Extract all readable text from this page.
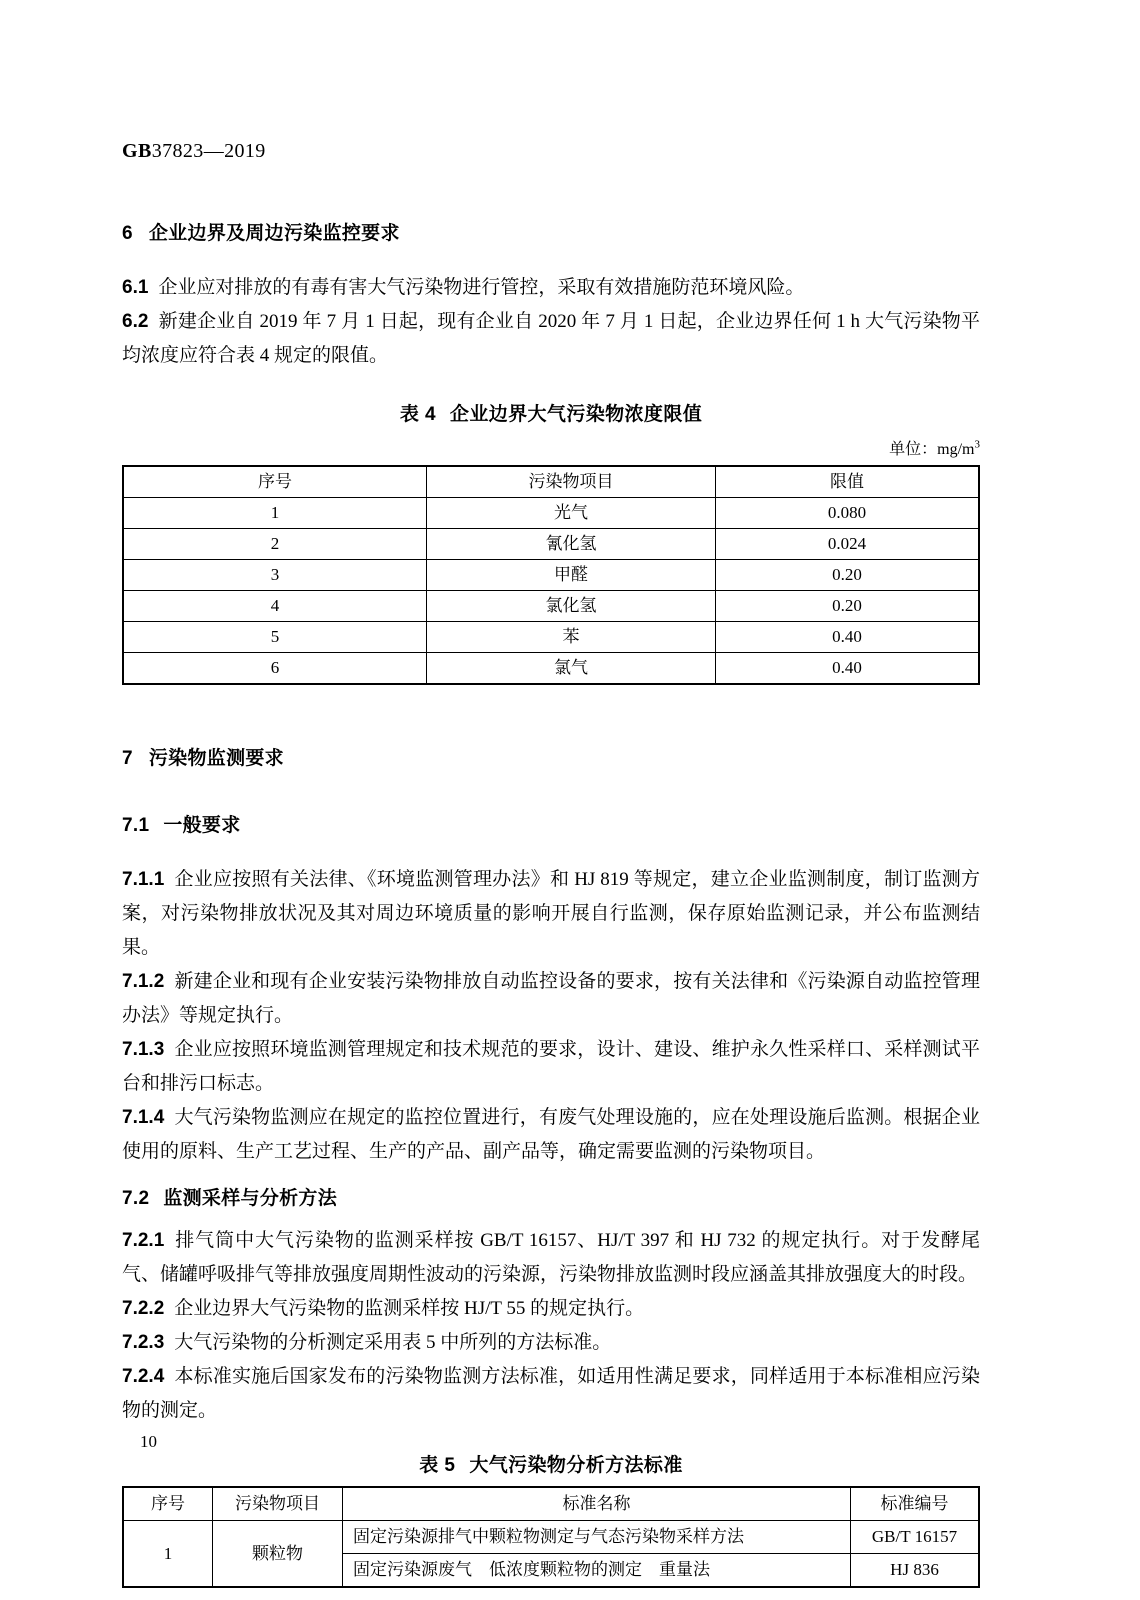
GB37823—2019
6 企业边界及周边污染监控要求
6.1 企业应对排放的有毒有害大气污染物进行管控，采取有效措施防范环境风险。
6.2 新建企业自 2019 年 7 月 1 日起，现有企业自 2020 年 7 月 1 日起，企业边界任何 1 h 大气污染物平均浓度应符合表 4 规定的限值。
表 4 企业边界大气污染物浓度限值
单位：$mg/m^3$
序号	污染物项目	限值
1	光气	0.080
2	氰化氢	0.024
3	甲醛	0.20
4	氯化氢	0.20
5	苯	0.40
6	氯气	0.40
7 污染物监测要求
7.1 一般要求
7.1.1 企业应按照有关法律、《环境监测管理办法》和 HJ 819 等规定，建立企业监测制度，制订监测方案，对污染物排放状况及其对周边环境质量的影响开展自行监测，保存原始监测记录，并公布监测结果。
7.1.2 新建企业和现有企业安装污染物排放自动监控设备的要求，按有关法律和《污染源自动监控管理办法》等规定执行。
7.1.3 企业应按照环境监测管理规定和技术规范的要求，设计、建设、维护永久性采样口、采样测试平台和排污口标志。
7.1.4 大气污染物监测应在规定的监控位置进行，有废气处理设施的，应在处理设施后监测。根据企业使用的原料、生产工艺过程、生产的产品、副产品等，确定需要监测的污染物项目。
7.2 监测采样与分析方法
7.2.1 排气筒中大气污染物的监测采样按 GB/T 16157、HJ/T 397 和 HJ 732 的规定执行。对于发酵尾气、储罐呼吸排气等排放强度周期性波动的污染源，污染物排放监测时段应涵盖其排放强度大的时段。
7.2.2 企业边界大气污染物的监测采样按 HJ/T 55 的规定执行。
7.2.3 大气污染物的分析测定采用表 5 中所列的方法标准。
7.2.4 本标准实施后国家发布的污染物监测方法标准，如适用性满足要求，同样适用于本标准相应污染物的测定。
表 5 大气污染物分析方法标准
序号	污染物项目	标准名称	标准编号
1	颗粒物	固定污染源排气中颗粒物测定与气态污染物采样方法	GB/T 16157
		固定污染源废气　低浓度颗粒物的测定　重量法	HJ 836
10
